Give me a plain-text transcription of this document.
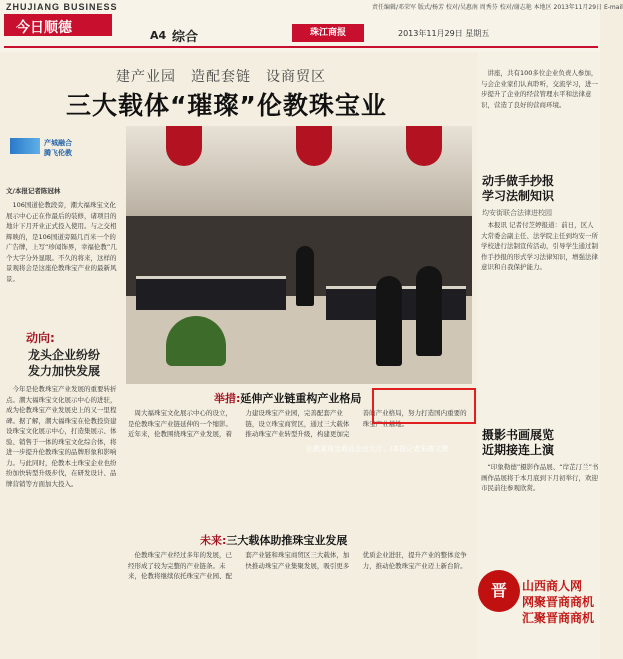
ZHUJIANG BUSINESS
今日顺德
责任编辑/邓荣军 版式/杨芳 校对/吴惠南 周秀芬 校对/谢志艳 本地区 2013年11月29日 E-mail
A4 综合	珠江商报	2013年11月29日 星期五
建产业园　造配套链　设商贸区
三大载体“璀璨”伦教珠宝业
产城融合
腾飞伦教
文/本报记者陈冠林
106国道伦教段旁，潮大福珠宝文化展示中心正在作最后的装修，诸项目的地计下月开业正式投入使用。与之交相辉映的，是106国道旁隔几百米一个的广告牌，上写“珍闻饰界，幸福伦教”几个大字分外显眼。不久的将来，这样的景观将会是这座伦教珠宝产业的最新风景。
动向:
龙头企业纷纷
发力加快发展
今年是伦教珠宝产业发展的重要转折点。潮大福珠宝文化展示中心的进驻，成为伦教珠宝产业发展史上的又一里程碑。据了解，潮大福珠宝在伦教投资建设珠宝文化展示中心，打造集展示、体验、销售于一体的珠宝文化综合体，将进一步提升伦教珠宝的品牌形象和影响力。与此同时，伦教本土珠宝企业也纷纷加快转型升级步伐，在研发设计、品牌营销等方面加大投入。
伦教某珠宝商品企业大厅。/本报记者朱德文摄
举措:延伸产业链重构产业格局
周大福珠宝文化展示中心的设立，是伦教珠宝产业链延伸的一个缩影。近年来，伦教围绕珠宝产业发展，着力建设珠宝产业园，完善配套产业链，设立珠宝商贸区，通过三大载体推动珠宝产业转型升级，构建更加完善的产业格局，努力打造国内重要的珠宝产业基地。
未来:三大载体助推珠宝业发展
伦教珠宝产业经过多年的发展，已经形成了较为完整的产业链条。未来，伦教将继续依托珠宝产业园、配套产业链和珠宝商贸区三大载体，加快推动珠宝产业集聚发展，吸引更多优质企业进驻，提升产业的整体竞争力，推动伦教珠宝产业迈上新台阶。
讲座，共有100多位企业负责人参加，与会企业家们认真聆听，交流学习，进一步提升了企业的经营管理水平和法律意识，营造了良好的营商环境。
动手做手抄报
学习法制知识
均安街联合法律进校园
本报讯 记者付芝婷报道：前日，区人大常委会副主任、法学院主任到均安一所学校进行法制宣传活动，引导学生通过制作手抄报的形式学习法律知识，增强法律意识和自我保护能力。
摄影书画展览
近期接连上演
“印象勒德”摄影作品展、“岸芷汀兰”书画作品展将于本月底到下月初举行，欢迎市民前往参观欣赏。
晋	山西商人网
网聚晋商商机
汇聚晋商商机
